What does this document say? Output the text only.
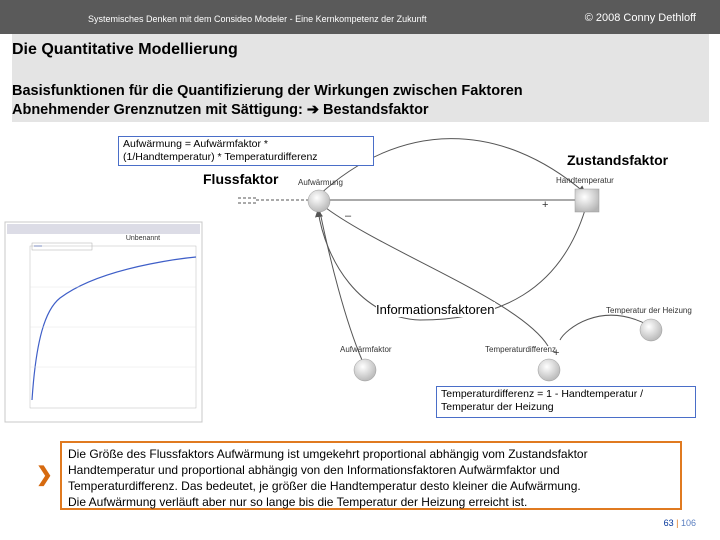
Systemisches Denken mit dem Consideo Modeler - Eine Kernkompetenz der Zukunft	© 2008 Conny Dethloff
Die Quantitative Modellierung
Basisfunktionen für die Quantifizierung der Wirkungen zwischen Faktoren
Abnehmender Grenznutzen mit Sättigung: ➔ Bestandsfaktor
Unbenannt
–
+
+
Aufwärmung	Handtemperatur
Temperatur der Heizung
Aufwärmfaktor	Temperaturdifferenz
Aufwärmung = Aufwärmfaktor *
(1/Handtemperatur) * Temperaturdifferenz
Temperaturdifferenz = 1 - Handtemperatur /
Temperatur der Heizung
Zustandsfaktor
Flussfaktor
Informationsfaktoren
❯
Die Größe des Flussfaktors Aufwärmung ist umgekehrt proportional abhängig vom Zustandsfaktor
Handtemperatur und proportional abhängig von den Informationsfaktoren Aufwärmfaktor und
Temperaturdifferenz. Das bedeutet, je größer die Handtemperatur desto kleiner die Aufwärmung.
Die Aufwärmung verläuft aber nur so lange bis die Temperatur der Heizung erreicht ist.
63 | 106
